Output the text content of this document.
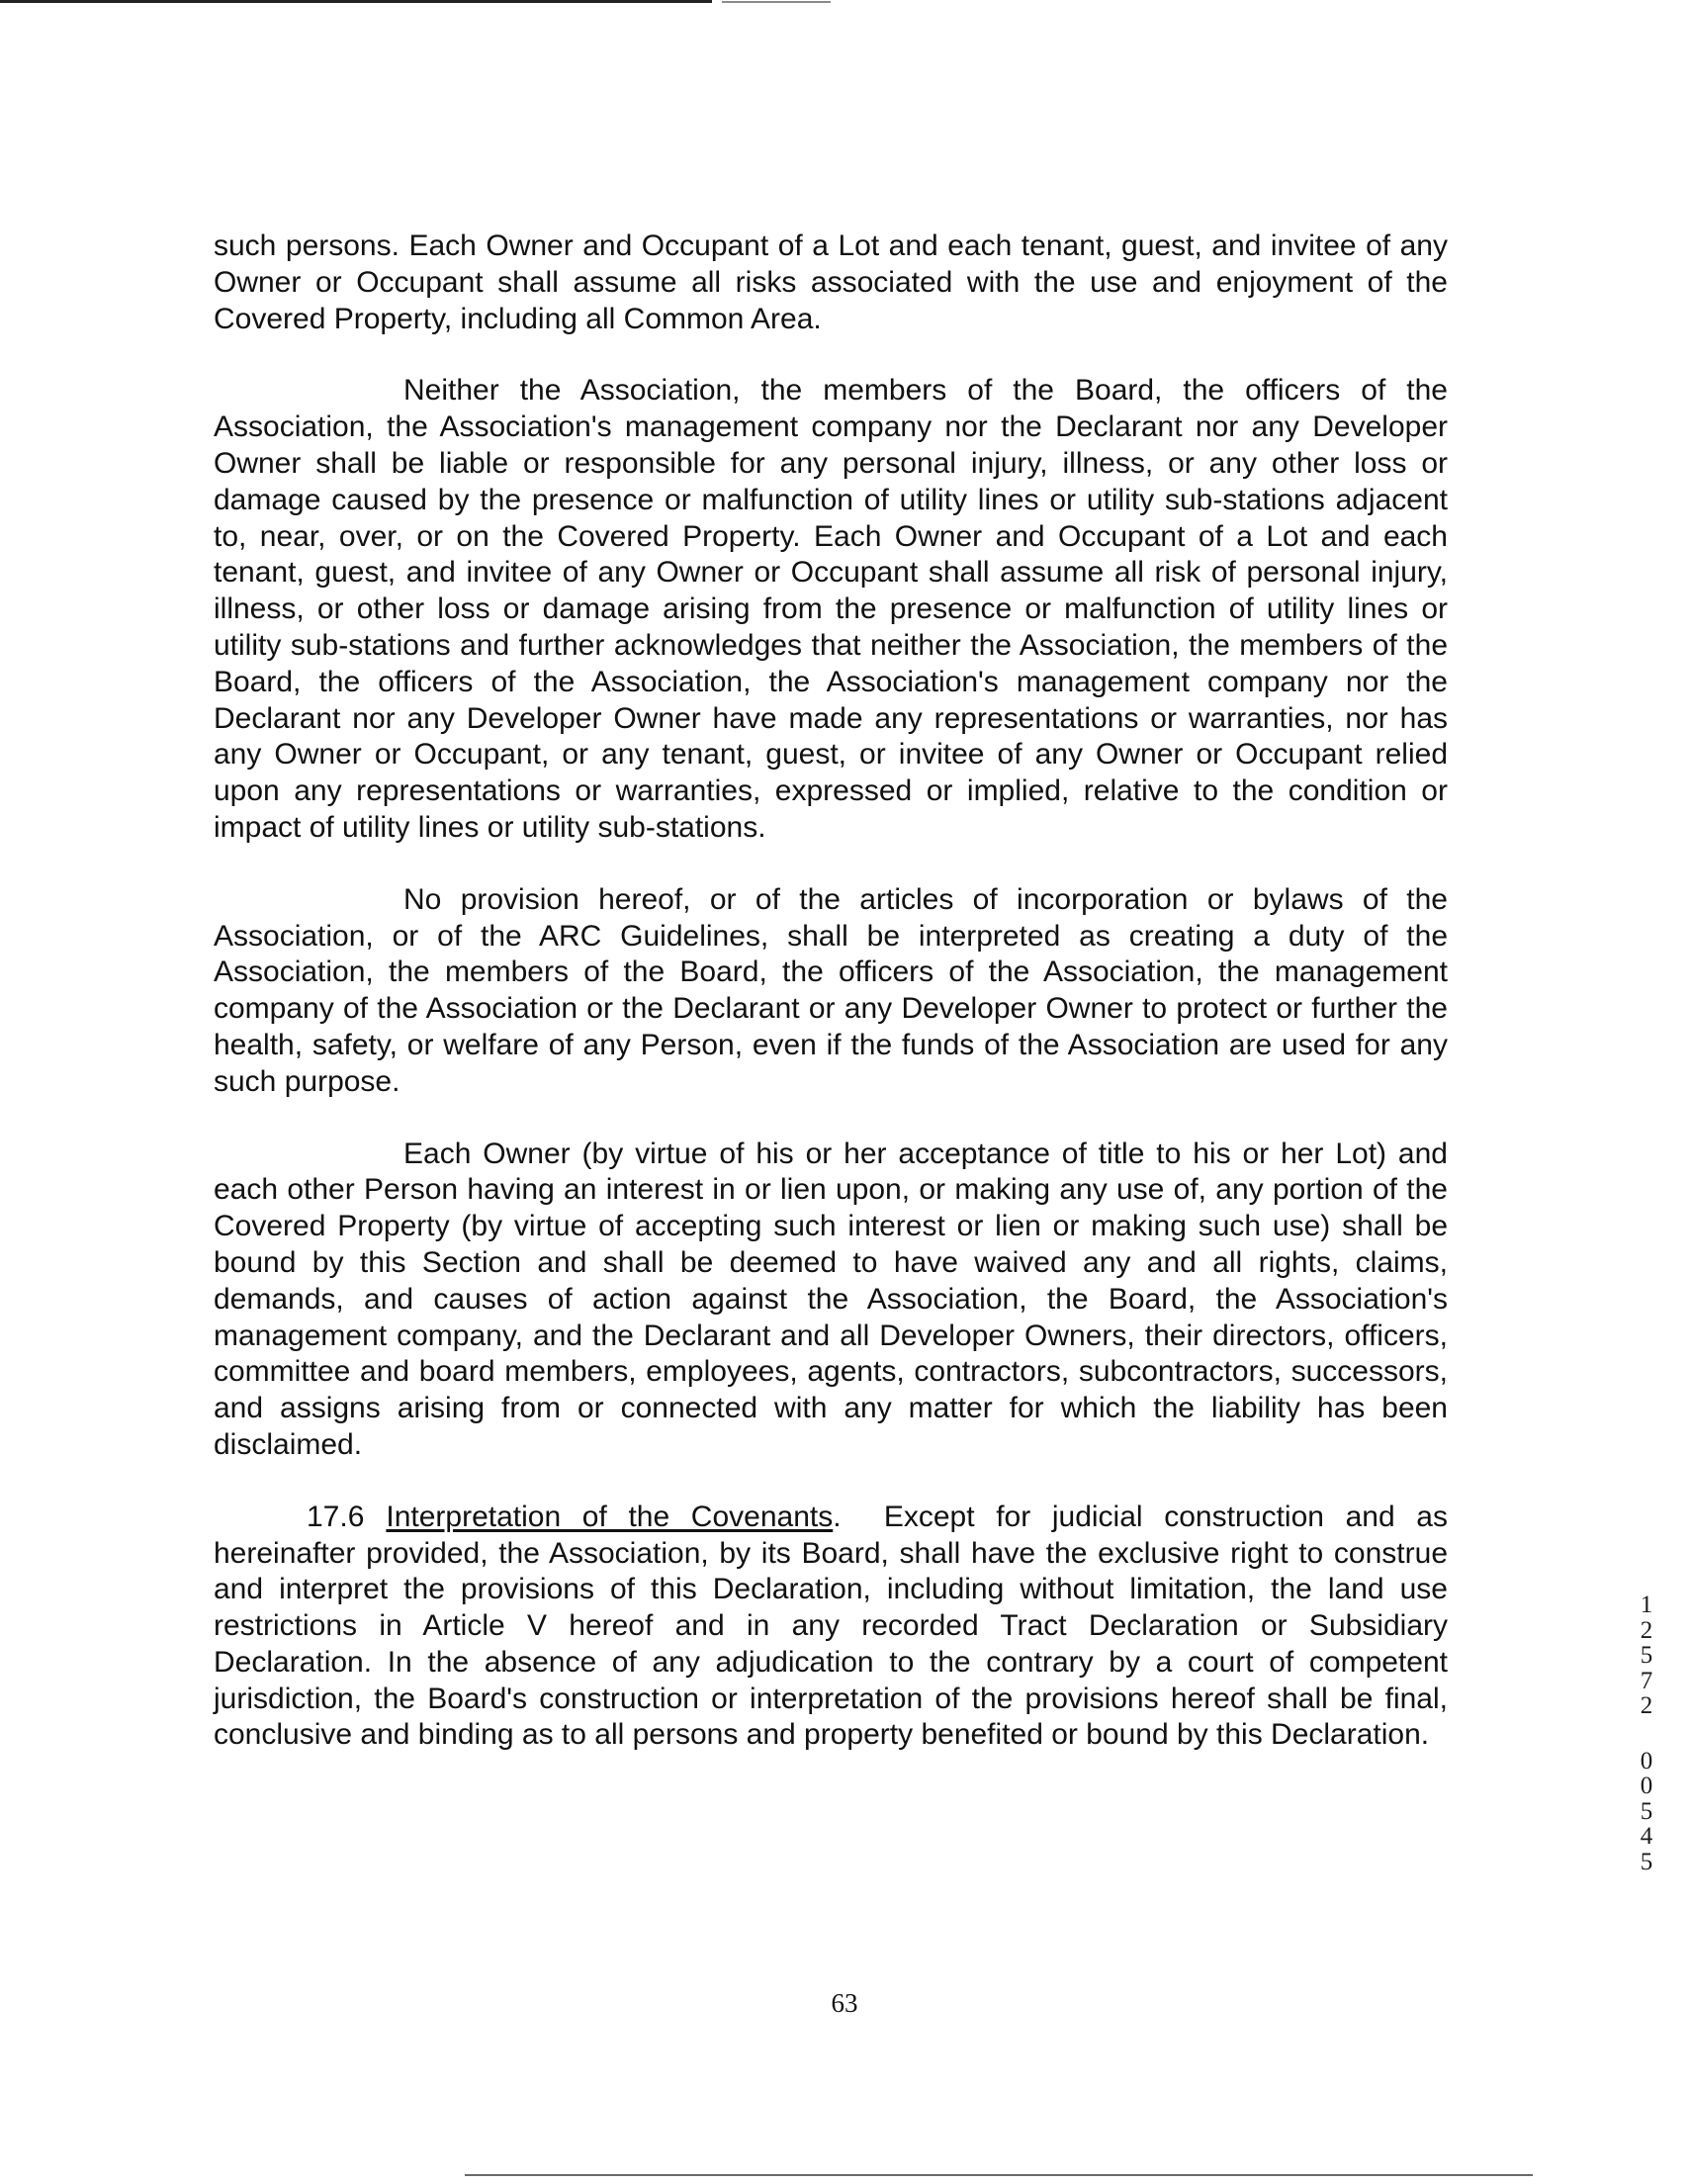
such persons. Each Owner and Occupant of a Lot and each tenant, guest, and invitee of any Owner or Occupant shall assume all risks associated with the use and enjoyment of the Covered Property, including all Common Area.

Neither the Association, the members of the Board, the officers of the Association, the Association's management company nor the Declarant nor any Developer Owner shall be liable or responsible for any personal injury, illness, or any other loss or damage caused by the presence or malfunction of utility lines or utility sub-stations adjacent to, near, over, or on the Covered Property. Each Owner and Occupant of a Lot and each tenant, guest, and invitee of any Owner or Occupant shall assume all risk of personal injury, illness, or other loss or damage arising from the presence or malfunction of utility lines or utility sub-stations and further acknowledges that neither the Association, the members of the Board, the officers of the Association, the Association's management company nor the Declarant nor any Developer Owner have made any representations or warranties, nor has any Owner or Occupant, or any tenant, guest, or invitee of any Owner or Occupant relied upon any representations or warranties, expressed or implied, relative to the condition or impact of utility lines or utility sub-stations.

No provision hereof, or of the articles of incorporation or bylaws of the Association, or of the ARC Guidelines, shall be interpreted as creating a duty of the Association, the members of the Board, the officers of the Association, the management company of the Association or the Declarant or any Developer Owner to protect or further the health, safety, or welfare of any Person, even if the funds of the Association are used for any such purpose.

Each Owner (by virtue of his or her acceptance of title to his or her Lot) and each other Person having an interest in or lien upon, or making any use of, any portion of the Covered Property (by virtue of accepting such interest or lien or making such use) shall be bound by this Section and shall be deemed to have waived any and all rights, claims, demands, and causes of action against the Association, the Board, the Association's management company, and the Declarant and all Developer Owners, their directors, officers, committee and board members, employees, agents, contractors, subcontractors, successors, and assigns arising from or connected with any matter for which the liability has been disclaimed.

17.6 Interpretation of the Covenants. Except for judicial construction and as hereinafter provided, the Association, by its Board, shall have the exclusive right to construe and interpret the provisions of this Declaration, including without limitation, the land use restrictions in Article V hereof and in any recorded Tract Declaration or Subsidiary Declaration. In the absence of any adjudication to the contrary by a court of competent jurisdiction, the Board's construction or interpretation of the provisions hereof shall be final, conclusive and binding as to all persons and property benefited or bound by this Declaration.

63
1
2
5
7
2
0
0
5
4
5
